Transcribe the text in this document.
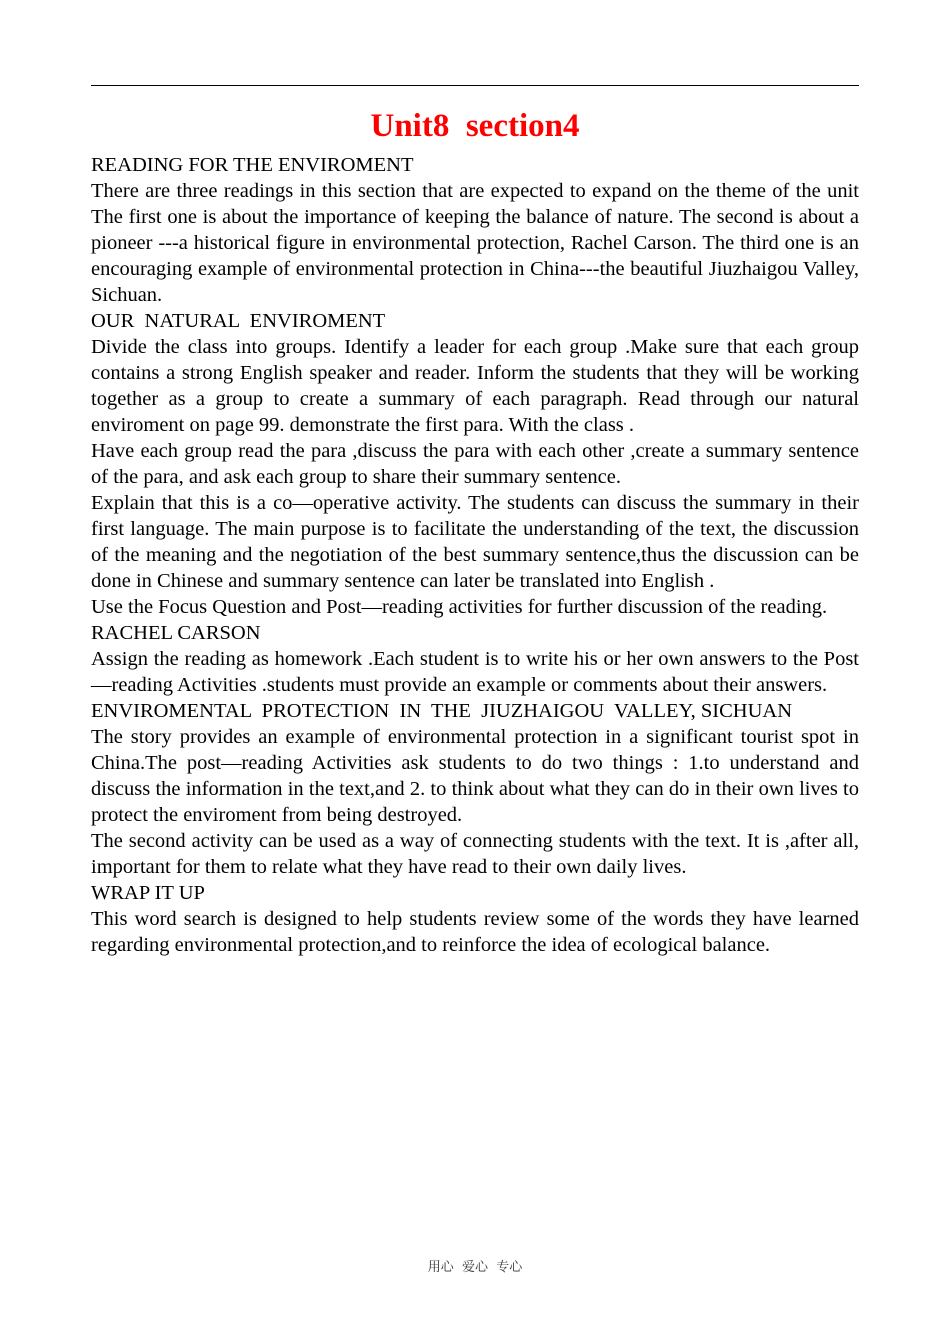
Unit8  section4

READING FOR THE ENVIROMENT

There are three readings in this section that are expected to expand on the theme of the unit The first one is about the importance of keeping the balance of nature. The second is about a pioneer ---a historical figure in environmental protection, Rachel Carson. The third one is an encouraging example of environmental protection in China---the beautiful Jiuzhaigou Valley, Sichuan.

OUR  NATURAL  ENVIROMENT

Divide the class into groups. Identify a leader for each group .Make sure that each group contains a strong English speaker and reader. Inform the students that they will be working together as a group to create a summary of each paragraph. Read through our natural enviroment on page 99. demonstrate the first para. With the class .

Have each group read the para ,discuss the para with each other ,create a summary sentence of the para, and ask each group to share their summary sentence.

Explain that this is a co—operative activity. The students can discuss the summary in their first language. The main purpose is to facilitate the understanding of the text, the discussion of the meaning and the negotiation of the best summary sentence,thus the discussion can be done in Chinese and summary sentence can later be translated into English .

Use the Focus Question and Post—reading activities for further discussion of the reading.

RACHEL CARSON

Assign the reading as homework .Each student is to write his or her own answers to the Post—reading Activities .students must provide an example or comments about their answers.

ENVIROMENTAL  PROTECTION  IN  THE  JIUZHAIGOU  VALLEY, SICHUAN

The story provides an example of environmental protection in a significant tourist spot in China.The post—reading Activities ask students to do two things : 1.to understand and discuss the information in the text,and 2. to think about what they can do in their own lives to protect the enviroment from being destroyed.

The second activity can be used as a way of connecting students with the text. It is ,after all, important for them to relate what they have read to their own daily lives.

WRAP IT UP

This word search is designed to help students review some of the words they have learned regarding environmental protection,and to reinforce the idea of ecological balance.

用心  爱心  专心
